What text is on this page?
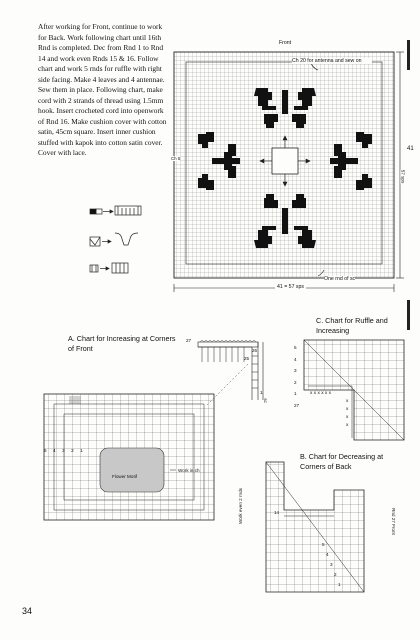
After working for Front, continue to work for Back. Work following chart until 16th Rnd is completed. Dec from Rnd 1 to Rnd 14 and work even Rnds 15 & 16. Follow chart and work 5 rnds for ruffle with right side facing. Make 4 leaves and 4 antennae. Sew them in place. Following chart, make cord with 2 strands of thread using 1.5mm hook. Insert crocheted cord into openwork of Rnd 16. Make cushion cover with cotton satin, 45cm square. Insert inner cushion stuffed with kapok into cotton satin cover. Cover with lace.
Front
Ch 20 for antenna and sew on
One rnd of sc
41 = 57 sps
Ch 5
41
57 sps
A. Chart for Increasing at Corners of Front
27
26
25
1
sc
5 4 3 2 1
Flower Motif
Work in ch
C. Chart for Ruffle and Increasing
x x x x x x
x
x
x
x
5
4
3
2
1
27
B. Chart for Decreasing at Corners of Back
Work even 2 rnds	14	Rnd 27 Front
5
4
3
2
1
34
